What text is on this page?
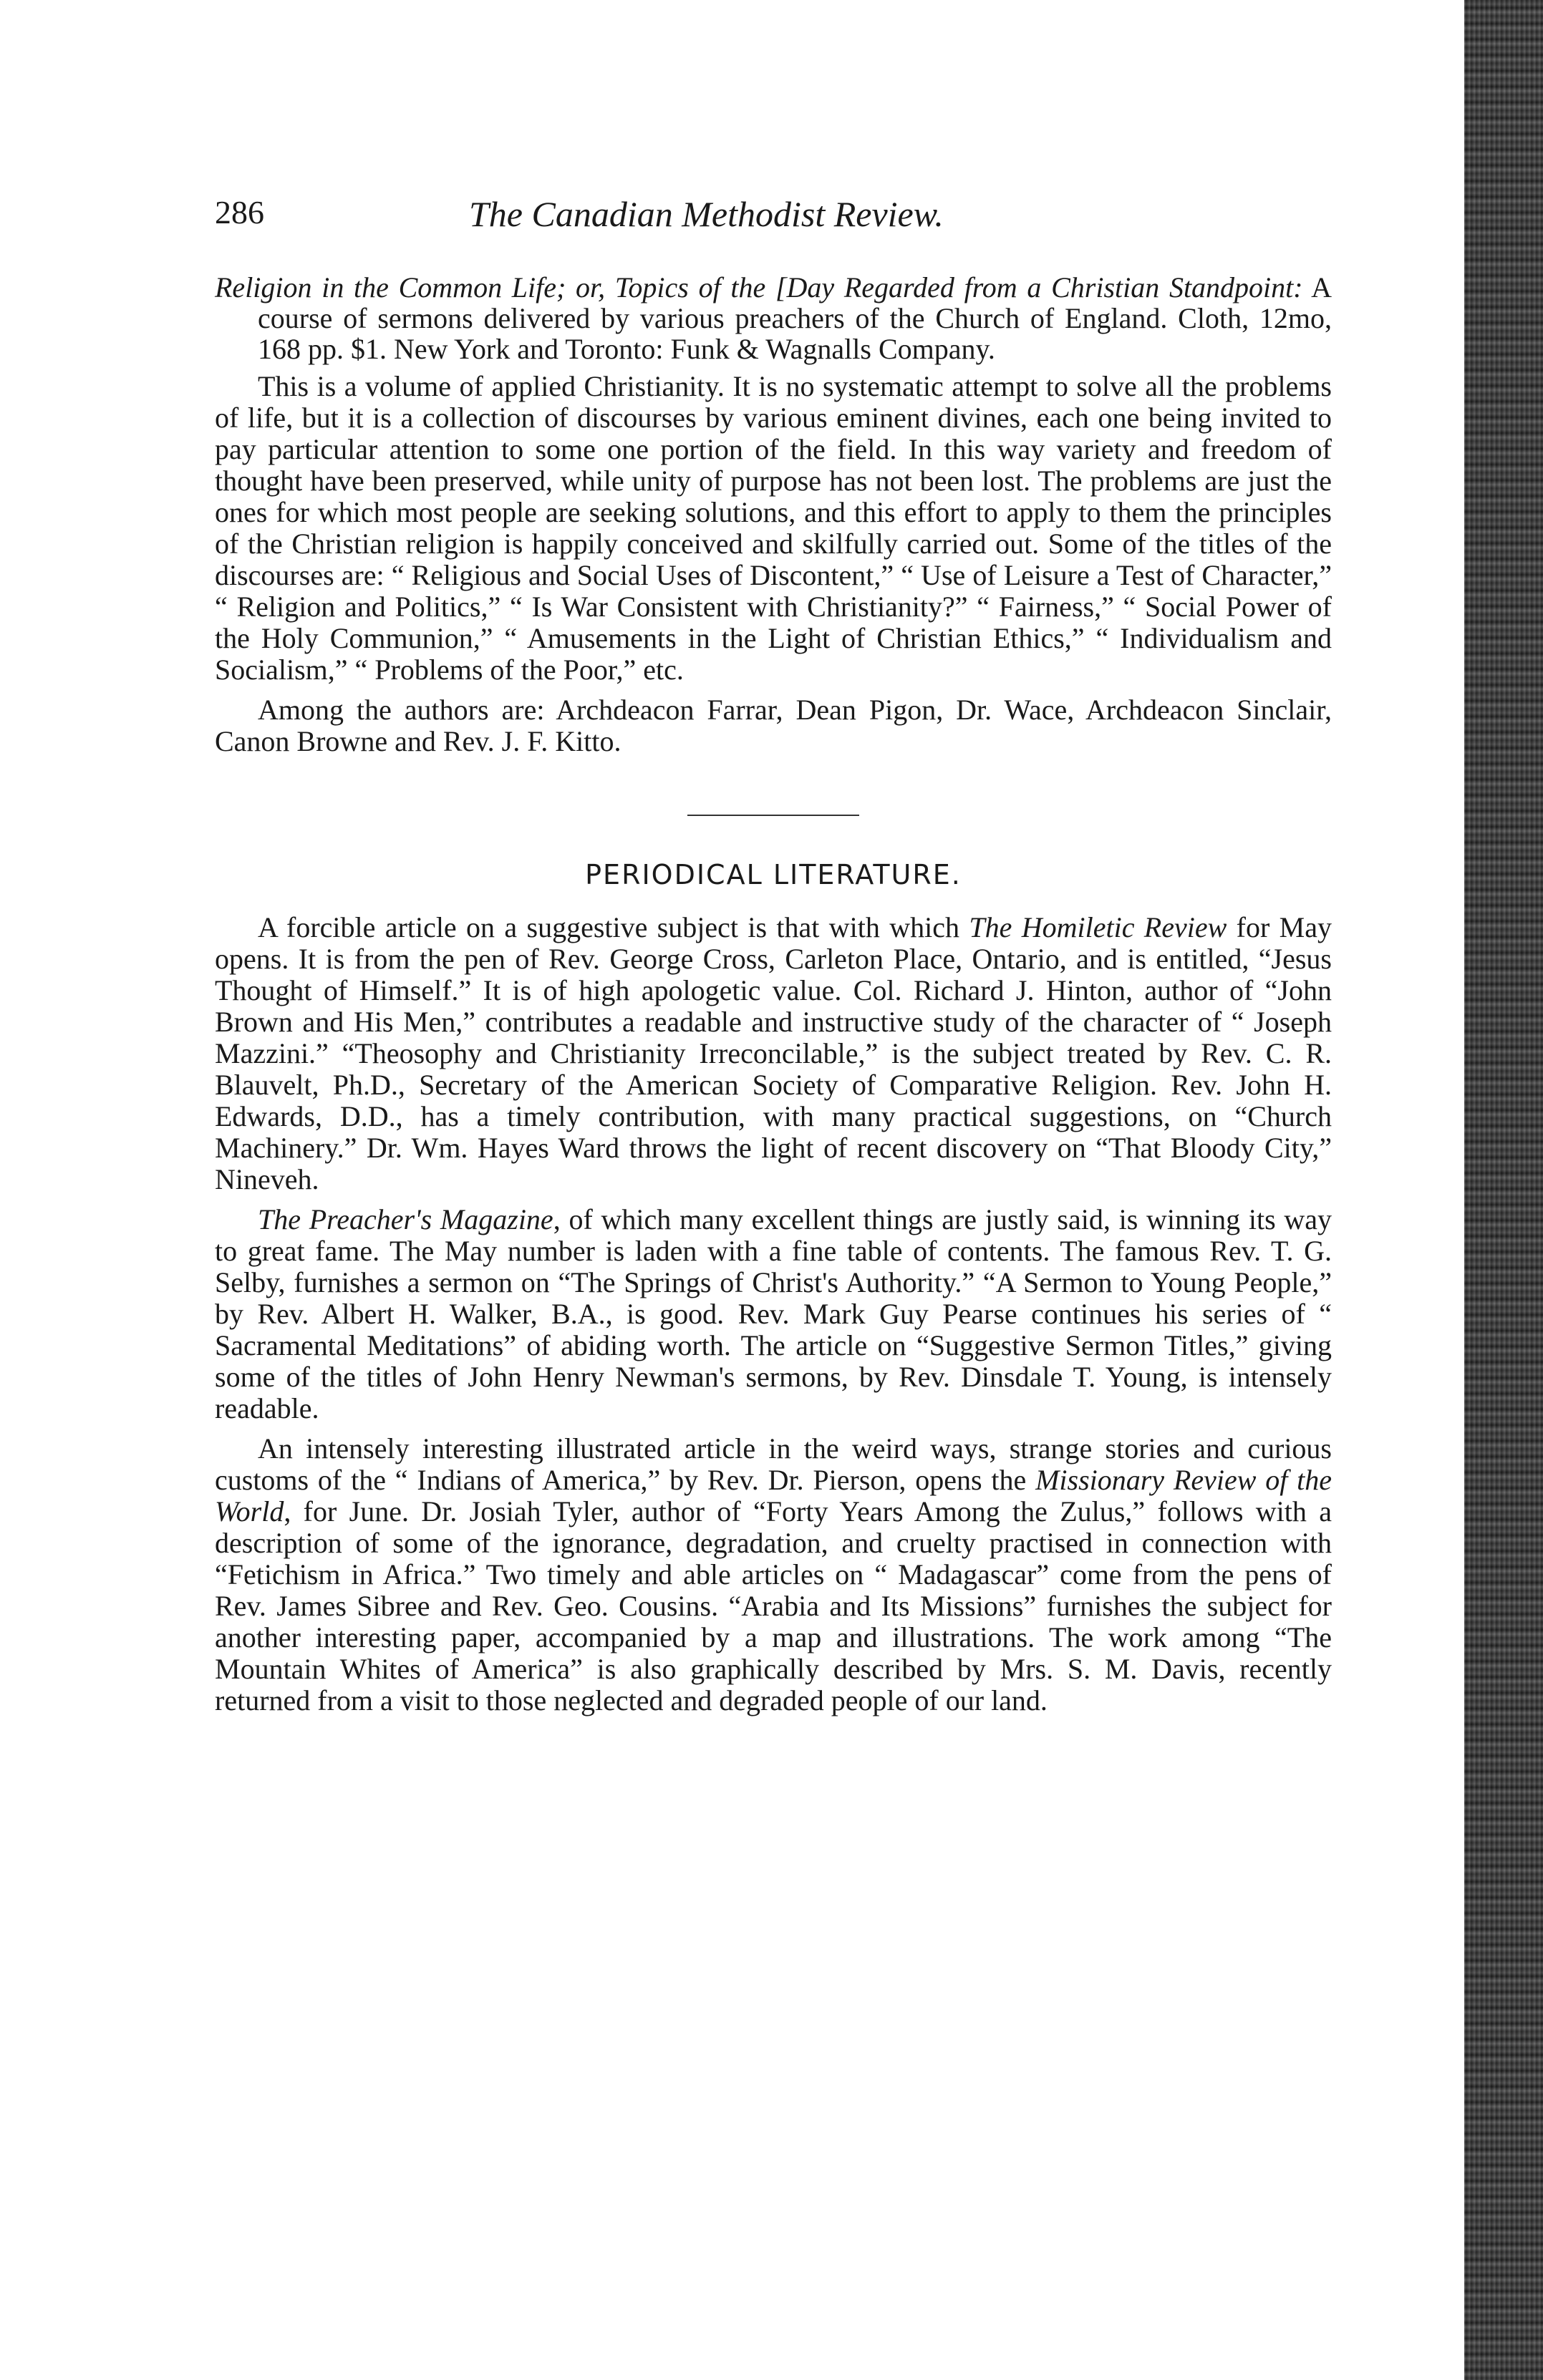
286	The Canadian Methodist Review.

Religion in the Common Life; or, Topics of the [Day Regarded from a Christian Standpoint: A course of sermons delivered by various preachers of the Church of England. Cloth, 12mo, 168 pp. $1. New York and Toronto: Funk & Wagnalls Company.

This is a volume of applied Christianity. It is no systematic attempt to solve all the problems of life, but it is a collection of discourses by various eminent divines, each one being invited to pay particular attention to some one portion of the field. In this way variety and freedom of thought have been preserved, while unity of purpose has not been lost. The problems are just the ones for which most people are seeking solutions, and this effort to apply to them the principles of the Christian religion is happily conceived and skilfully carried out. Some of the titles of the discourses are: “ Religious and Social Uses of Discontent,” “ Use of Leisure a Test of Character,” “ Religion and Politics,” “ Is War Consistent with Christianity?” “ Fairness,” “ Social Power of the Holy Communion,” “ Amusements in the Light of Christian Ethics,” “ Individualism and Socialism,” “ Problems of the Poor,” etc.

Among the authors are: Archdeacon Farrar, Dean Pigon, Dr. Wace, Archdeacon Sinclair, Canon Browne and Rev. J. F. Kitto.

PERIODICAL LITERATURE.

A forcible article on a suggestive subject is that with which The Homiletic Review for May opens. It is from the pen of Rev. George Cross, Carleton Place, Ontario, and is entitled, “Jesus Thought of Himself.” It is of high apologetic value. Col. Richard J. Hinton, author of “John Brown and His Men,” contributes a readable and instructive study of the character of “ Joseph Mazzini.” “Theosophy and Christianity Irreconcilable,” is the subject treated by Rev. C. R. Blauvelt, Ph.D., Secretary of the American Society of Comparative Religion. Rev. John H. Edwards, D.D., has a timely contribution, with many practical suggestions, on “Church Machinery.” Dr. Wm. Hayes Ward throws the light of recent discovery on “That Bloody City,” Nineveh.

The Preacher's Magazine, of which many excellent things are justly said, is winning its way to great fame. The May number is laden with a fine table of contents. The famous Rev. T. G. Selby, furnishes a sermon on “The Springs of Christ's Authority.” “A Sermon to Young People,” by Rev. Albert H. Walker, B.A., is good. Rev. Mark Guy Pearse continues his series of “ Sacramental Meditations” of abiding worth. The article on “Suggestive Sermon Titles,” giving some of the titles of John Henry Newman's sermons, by Rev. Dinsdale T. Young, is intensely readable.

An intensely interesting illustrated article in the weird ways, strange stories and curious customs of the “ Indians of America,” by Rev. Dr. Pierson, opens the Missionary Review of the World, for June. Dr. Josiah Tyler, author of “Forty Years Among the Zulus,” follows with a description of some of the ignorance, degradation, and cruelty practised in connection with “Fetichism in Africa.” Two timely and able articles on “ Madagascar” come from the pens of Rev. James Sibree and Rev. Geo. Cousins. “Arabia and Its Missions” furnishes the subject for another interesting paper, accompanied by a map and illustrations. The work among “The Mountain Whites of America” is also graphically described by Mrs. S. M. Davis, recently returned from a visit to those neglected and degraded people of our land.
